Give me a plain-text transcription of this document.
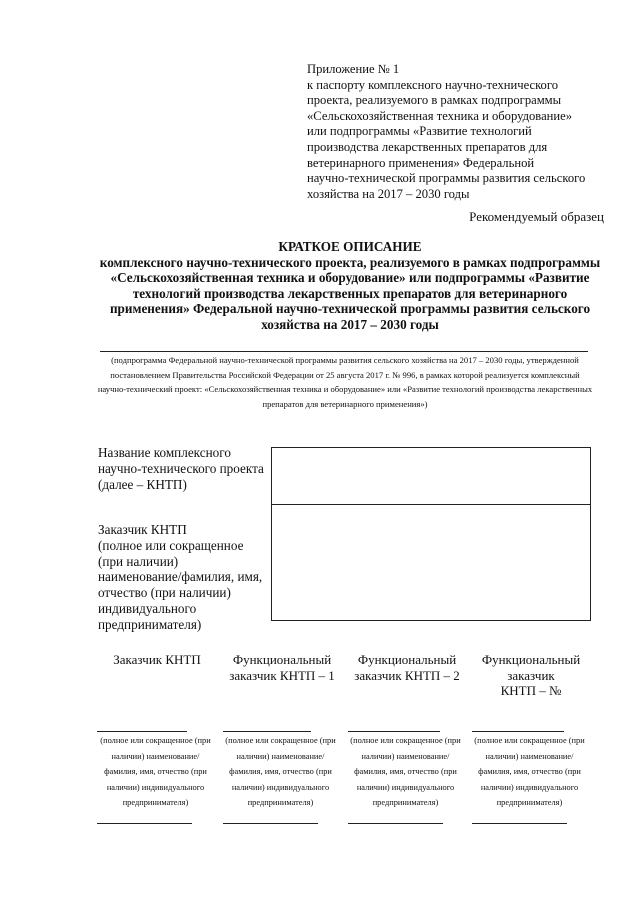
Приложение № 1
к паспорту комплексного научно-технического
проекта, реализуемого в рамках подпрограммы
«Сельскохозяйственная техника и оборудование»
или подпрограммы «Развитие технологий
производства лекарственных препаратов для
ветеринарного применения» Федеральной
научно-технической программы развития сельского
хозяйства на 2017 – 2030 годы
Рекомендуемый образец
КРАТКОЕ ОПИСАНИЕ
комплексного научно-технического проекта, реализуемого в рамках подпрограммы
«Сельскохозяйственная техника и оборудование» или подпрограммы «Развитие
технологий производства лекарственных препаратов для ветеринарного
применения» Федеральной научно-технической программы развития сельского
хозяйства на 2017 – 2030 годы
(подпрограмма Федеральной научно-технической программы развития сельского хозяйства на 2017 – 2030 годы, утвержденной
постановлением Правительства Российской Федерации от 25 августа 2017 г. № 996, в рамках которой реализуется комплексный
научно-технический проект: «Сельскохозяйственная техника и оборудование» или «Развитие технологий производства лекарственных
препаратов для ветеринарного применения»)
Название комплексного
научно-технического проекта
(далее – КНТП)
Заказчик КНТП
(полное или сокращенное
(при наличии)
наименование/фамилия, имя,
отчество (при наличии)
индивидуального
предпринимателя)
Заказчик КНТП
(полное или сокращенное (при
наличии) наименование/
фамилия, имя, отчество (при
наличии) индивидуального
предпринимателя)
Функциональный
заказчик КНТП – 1
(полное или сокращенное (при
наличии) наименование/
фамилия, имя, отчество (при
наличии) индивидуального
предпринимателя)
Функциональный
заказчик КНТП – 2
(полное или сокращенное (при
наличии) наименование/
фамилия, имя, отчество (при
наличии) индивидуального
предпринимателя)
Функциональный
заказчик
КНТП – №
(полное или сокращенное (при
наличии) наименование/
фамилия, имя, отчество (при
наличии) индивидуального
предпринимателя)
